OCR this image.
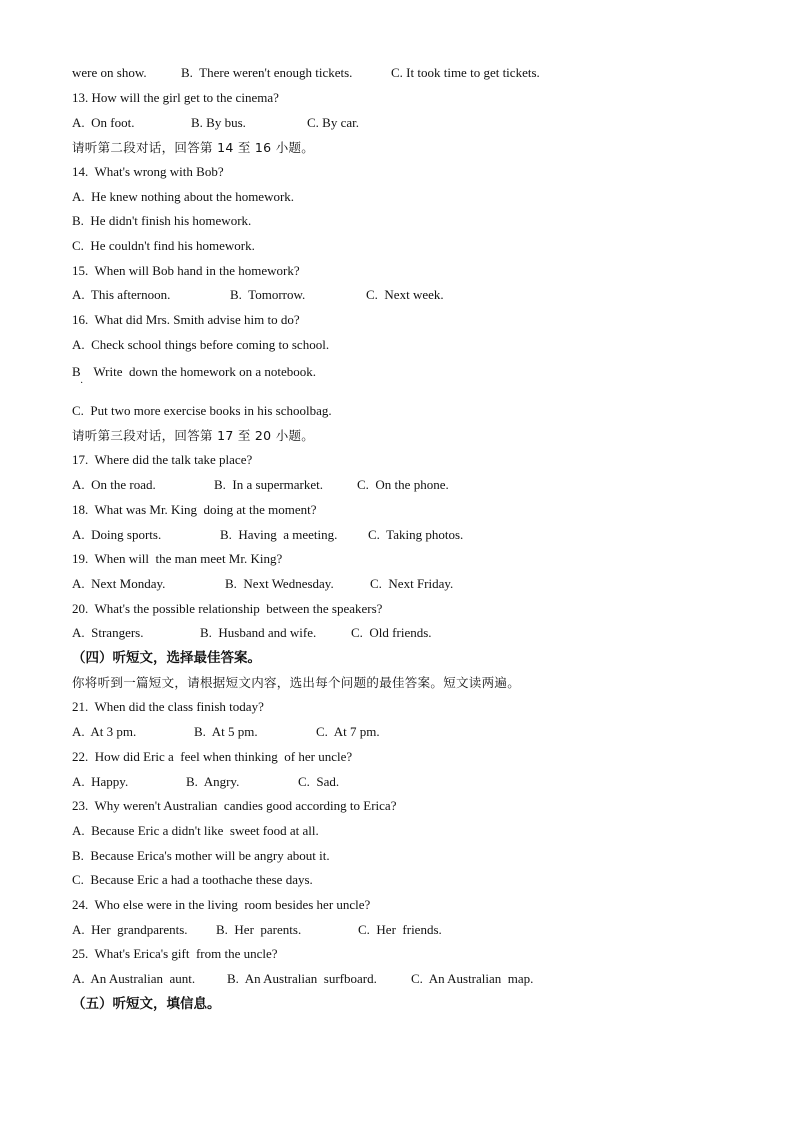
were on show.

	B.  There weren't enough tickets.

	C. It took time to get tickets.

13. How will the girl get to the cinema?

A.  On foot.

	B. By bus.

	C. By car.

请听第二段对话，回答第 14 至 16 小题。
14.  What's wrong with Bob?
A.  He knew nothing about the homework.
B.  He didn't finish his homework.
C.  He couldn't find his homework.
15.  When will Bob hand in the homework?

A.  This afternoon.

	B.  Tomorrow.

	C.  Next week.

16.  What did Mrs. Smith advise him to do?
A.  Check school things before coming to school.
B    Write  down the homework on a notebook.
·
C.  Put two more exercise books in his schoolbag.
请听第三段对话，回答第 17 至 20 小题。
17.  Where did the talk take place?

A.  On the road.

	B.  In a supermarket.

	C.  On the phone.

18.  What was Mr. King  doing at the moment?

A.  Doing sports.

	B.  Having  a meeting.

C.  Taking photos.

19.  When will  the man meet Mr. King?

A.  Next Monday.

	B.  Next Wednesday.

	C.  Next Friday.

20.  What's the possible relationship  between the speakers?

A.  Strangers.

	B.  Husband and wife.

	C.  Old friends.

（四）听短文，选择最佳答案。
你将听到一篇短文，请根据短文内容，选出每个问题的最佳答案。短文读两遍。
21.  When did the class finish today?

A.  At 3 pm.

	B.  At 5 pm.

	C.  At 7 pm.

22.  How did Eric a  feel when thinking  of her uncle?

A.  Happy.

	B.  Angry.

	C.  Sad.

23.  Why weren't Australian  candies good according to Erica?
A.  Because Eric a didn't like  sweet food at all.
B.  Because Erica's mother will be angry about it.
C.  Because Eric a had a toothache these days.
24.  Who else were in the living  room besides her uncle?

A.  Her  grandparents.

B.  Her  parents.

	C.  Her  friends.

25.  What's Erica's gift  from the uncle?

A.  An Australian  aunt.

B.  An Australian  surfboard.

	C.  An Australian  map.

（五）听短文，填信息。
